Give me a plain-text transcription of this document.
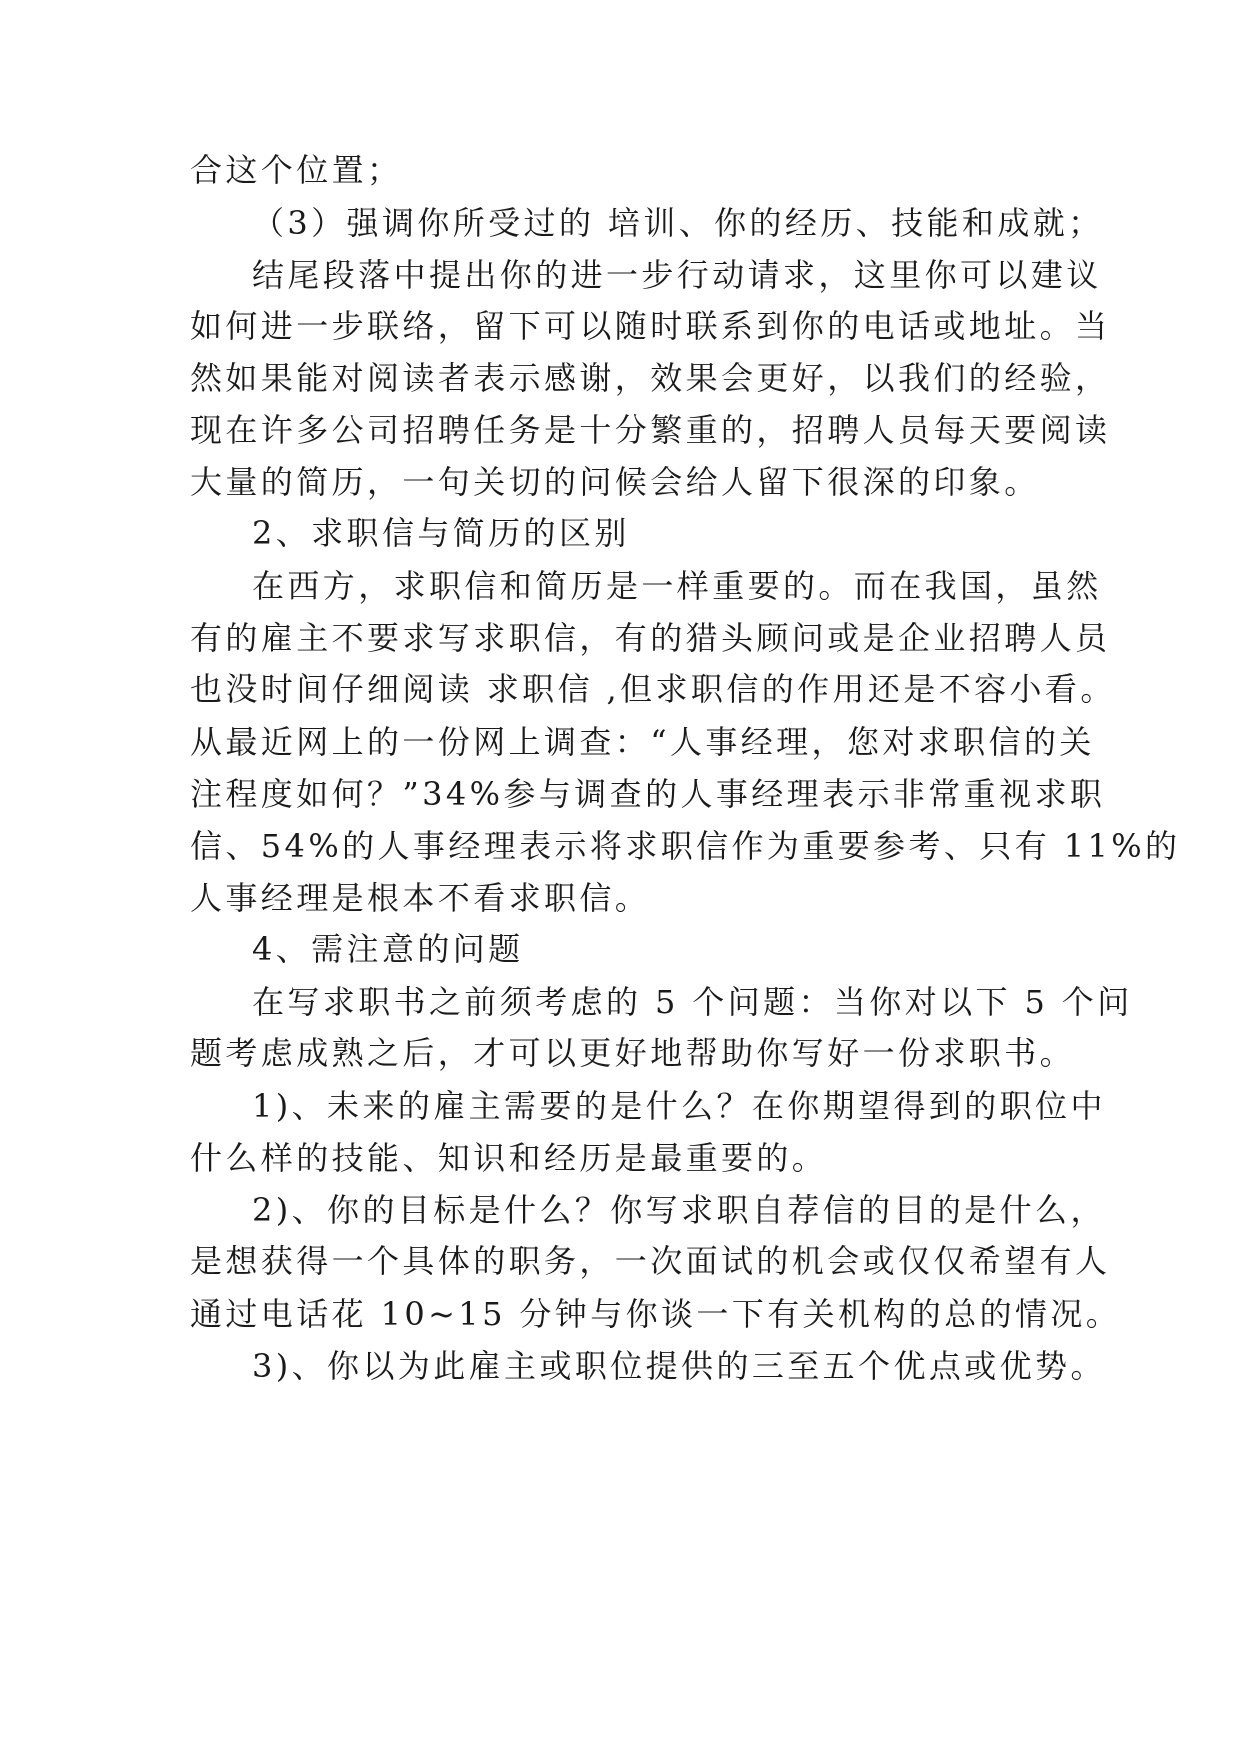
合这个位置；
（3）强调你所受过的 培训、你的经历、技能和成就；
结尾段落中提出你的进一步行动请求，这里你可以建议
如何进一步联络，留下可以随时联系到你的电话或地址。当
然如果能对阅读者表示感谢，效果会更好，以我们的经验，
现在许多公司招聘任务是十分繁重的，招聘人员每天要阅读
大量的简历，一句关切的问候会给人留下很深的印象。
2、求职信与简历的区别
在西方，求职信和简历是一样重要的。而在我国，虽然
有的雇主不要求写求职信，有的猎头顾问或是企业招聘人员
也没时间仔细阅读 求职信 ,但求职信的作用还是不容小看。
从最近网上的一份网上调查：“人事经理，您对求职信的关
注程度如何？”34%参与调查的人事经理表示非常重视求职
信、54%的人事经理表示将求职信作为重要参考、只有 11%的
人事经理是根本不看求职信。
4、需注意的问题
在写求职书之前须考虑的 5 个问题：当你对以下 5 个问
题考虑成熟之后，才可以更好地帮助你写好一份求职书。
1)、未来的雇主需要的是什么？在你期望得到的职位中
什么样的技能、知识和经历是最重要的。
2)、你的目标是什么？你写求职自荐信的目的是什么，
是想获得一个具体的职务，一次面试的机会或仅仅希望有人
通过电话花 10~15 分钟与你谈一下有关机构的总的情况。
3)、你以为此雇主或职位提供的三至五个优点或优势。
